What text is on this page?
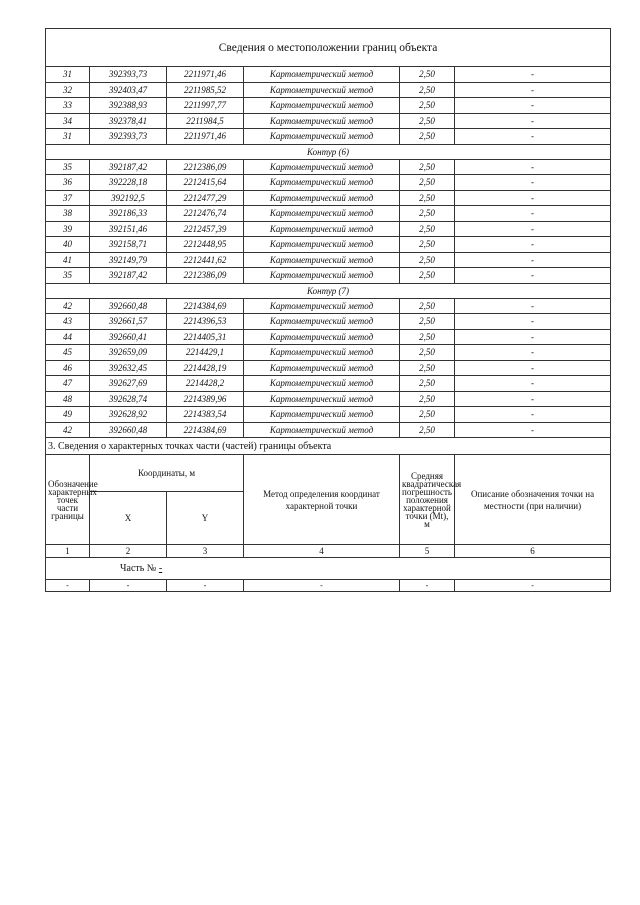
Сведения о местоположении границ объекта					
31	392393,73	2211971,46	Картометрический метод	2,50	-
32	392403,47	2211985,52	Картометрический метод	2,50	-
33	392388,93	2211997,77	Картометрический метод	2,50	-
34	392378,41	2211984,5	Картометрический метод	2,50	-
31	392393,73	2211971,46	Картометрический метод	2,50	-
Контур (6)					
35	392187,42	2212386,09	Картометрический метод	2,50	-
36	392228,18	2212415,64	Картометрический метод	2,50	-
37	392192,5	2212477,29	Картометрический метод	2,50	-
38	392186,33	2212476,74	Картометрический метод	2,50	-
39	392151,46	2212457,39	Картометрический метод	2,50	-
40	392158,71	2212448,95	Картометрический метод	2,50	-
41	392149,79	2212441,62	Картометрический метод	2,50	-
35	392187,42	2212386,09	Картометрический метод	2,50	-
Контур (7)					
42	392660,48	2214384,69	Картометрический метод	2,50	-
43	392661,57	2214396,53	Картометрический метод	2,50	-
44	392660,41	2214405,31	Картометрический метод	2,50	-
45	392659,09	2214429,1	Картометрический метод	2,50	-
46	392632,45	2214428,19	Картометрический метод	2,50	-
47	392627,69	2214428,2	Картометрический метод	2,50	-
48	392628,74	2214389,96	Картометрический метод	2,50	-
49	392628,92	2214383,54	Картометрический метод	2,50	-
42	392660,48	2214384,69	Картометрический метод	2,50	-
3. Сведения о характерных точках части (частей) границы объекта					
Обозначение характерных точек части границы	Координаты, м		Метод определения координат характерной точки	Средняя квадратическая погрешность положения характерной точки (Mt), м	Описание обозначения точки на местности (при наличии)
	X	Y			
1	2	3	4	5	6
Часть № -					
-	-	-	-	-	-
